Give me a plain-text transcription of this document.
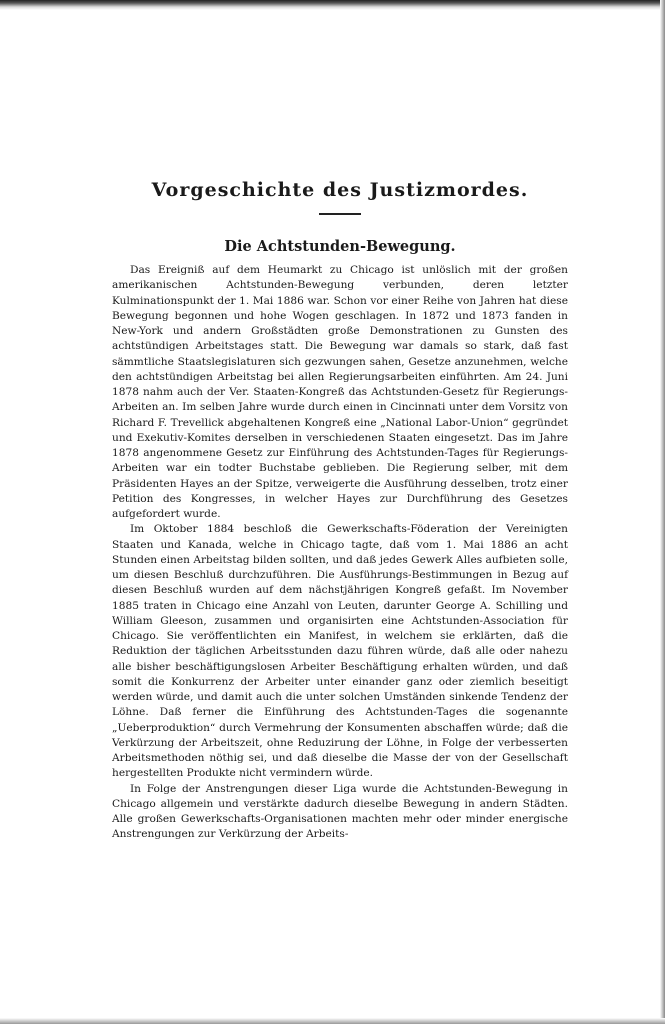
Vorgeschichte des Justizmordes.
Die Achtstunden-Bewegung.

Das Ereigniß auf dem Heumarkt zu Chicago ist unlöslich mit der großen amerikanischen Achtstunden-Bewegung verbunden, deren letzter Kulminationspunkt der 1. Mai 1886 war. Schon vor einer Reihe von Jahren hat diese Bewegung begonnen und hohe Wogen geschlagen. In 1872 und 1873 fanden in New-York und andern Großstädten große Demonstrationen zu Gunsten des achtstündigen Arbeitstages statt. Die Bewegung war damals so stark, daß fast sämmtliche Staatslegislaturen sich gezwungen sahen, Gesetze anzunehmen, welche den achtstündigen Arbeitstag bei allen Regierungsarbeiten einführten. Am 24. Juni 1878 nahm auch der Ver. Staaten-Kongreß das Achtstunden-Gesetz für Regierungs-Arbeiten an. Im selben Jahre wurde durch einen in Cincinnati unter dem Vorsitz von Richard F. Trevellick abgehaltenen Kongreß eine „National Labor-Union“ gegründet und Exekutiv-Komites derselben in verschiedenen Staaten eingesetzt. Das im Jahre 1878 angenommene Gesetz zur Einführung des Achtstunden-Tages für Regierungs-Arbeiten war ein todter Buchstabe geblieben. Die Regierung selber, mit dem Präsidenten Hayes an der Spitze, verweigerte die Ausführung desselben, trotz einer Petition des Kongresses, in welcher Hayes zur Durchführung des Gesetzes aufgefordert wurde.

Im Oktober 1884 beschloß die Gewerkschafts-Föderation der Vereinigten Staaten und Kanada, welche in Chicago tagte, daß vom 1. Mai 1886 an acht Stunden einen Arbeitstag bilden sollten, und daß jedes Gewerk Alles aufbieten solle, um diesen Beschluß durchzuführen. Die Ausführungs-Bestimmungen in Bezug auf diesen Beschluß wurden auf dem nächstjährigen Kongreß gefaßt. Im November 1885 traten in Chicago eine Anzahl von Leuten, darunter George A. Schilling und William Gleeson, zusammen und organisirten eine Achtstunden-Association für Chicago. Sie veröffentlichten ein Manifest, in welchem sie erklärten, daß die Reduktion der täglichen Arbeitsstunden dazu führen würde, daß alle oder nahezu alle bisher beschäftigungslosen Arbeiter Beschäftigung erhalten würden, und daß somit die Konkurrenz der Arbeiter unter einander ganz oder ziemlich beseitigt werden würde, und damit auch die unter solchen Umständen sinkende Tendenz der Löhne. Daß ferner die Einführung des Achtstunden-Tages die sogenannte „Ueberproduktion“ durch Vermehrung der Konsumenten abschaffen würde; daß die Verkürzung der Arbeitszeit, ohne Reduzirung der Löhne, in Folge der verbesserten Arbeitsmethoden nöthig sei, und daß dieselbe die Masse der von der Gesellschaft hergestellten Produkte nicht vermindern würde.

In Folge der Anstrengungen dieser Liga wurde die Achtstunden-Bewegung in Chicago allgemein und verstärkte dadurch dieselbe Bewegung in andern Städten. Alle großen Gewerkschafts-Organisationen machten mehr oder minder energische Anstrengungen zur Verkürzung der Arbeits-
